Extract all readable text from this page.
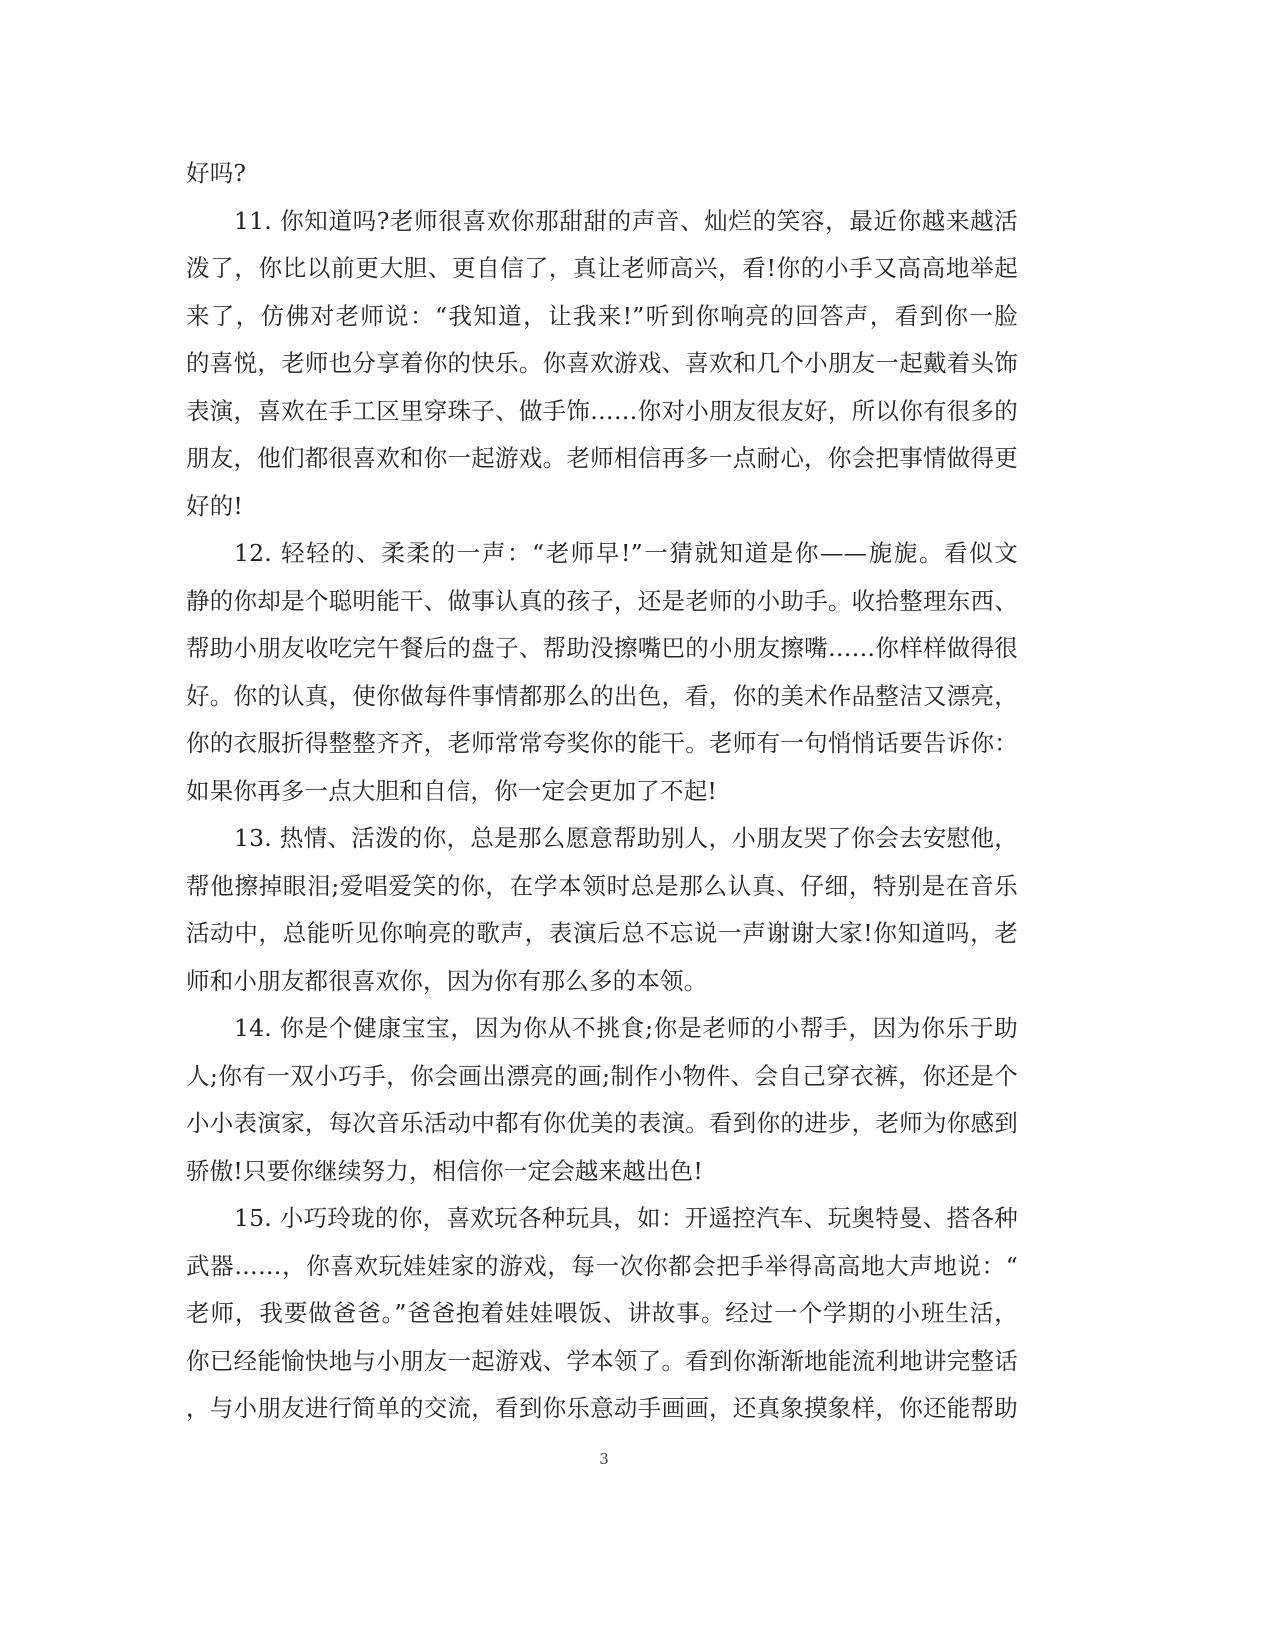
好吗?
11. 你知道吗?老师很喜欢你那甜甜的声音、灿烂的笑容，最近你越来越活
泼了，你比以前更大胆、更自信了，真让老师高兴，看!你的小手又高高地举起
来了，仿佛对老师说：“我知道，让我来!”听到你响亮的回答声，看到你一脸
的喜悦，老师也分享着你的快乐。你喜欢游戏、喜欢和几个小朋友一起戴着头饰
表演，喜欢在手工区里穿珠子、做手饰……你对小朋友很友好，所以你有很多的
朋友，他们都很喜欢和你一起游戏。老师相信再多一点耐心，你会把事情做得更
好的!
12. 轻轻的、柔柔的一声：“老师早!”一猜就知道是你——旎旎。看似文
静的你却是个聪明能干、做事认真的孩子，还是老师的小助手。收拾整理东西、
帮助小朋友收吃完午餐后的盘子、帮助没擦嘴巴的小朋友擦嘴……你样样做得很
好。你的认真，使你做每件事情都那么的出色，看，你的美术作品整洁又漂亮，
你的衣服折得整整齐齐，老师常常夸奖你的能干。老师有一句悄悄话要告诉你：
如果你再多一点大胆和自信，你一定会更加了不起!
13. 热情、活泼的你，总是那么愿意帮助别人，小朋友哭了你会去安慰他，
帮他擦掉眼泪;爱唱爱笑的你，在学本领时总是那么认真、仔细，特别是在音乐
活动中，总能听见你响亮的歌声，表演后总不忘说一声谢谢大家!你知道吗，老
师和小朋友都很喜欢你，因为你有那么多的本领。
14. 你是个健康宝宝，因为你从不挑食;你是老师的小帮手，因为你乐于助
人;你有一双小巧手，你会画出漂亮的画;制作小物件、会自己穿衣裤，你还是个
小小表演家，每次音乐活动中都有你优美的表演。看到你的进步，老师为你感到
骄傲!只要你继续努力，相信你一定会越来越出色!
15. 小巧玲珑的你，喜欢玩各种玩具，如：开遥控汽车、玩奥特曼、搭各种
武器……，你喜欢玩娃娃家的游戏，每一次你都会把手举得高高地大声地说：“
老师，我要做爸爸。”爸爸抱着娃娃喂饭、讲故事。经过一个学期的小班生活，
你已经能愉快地与小朋友一起游戏、学本领了。看到你渐渐地能流利地讲完整话
，与小朋友进行简单的交流，看到你乐意动手画画，还真象摸象样，你还能帮助
3
